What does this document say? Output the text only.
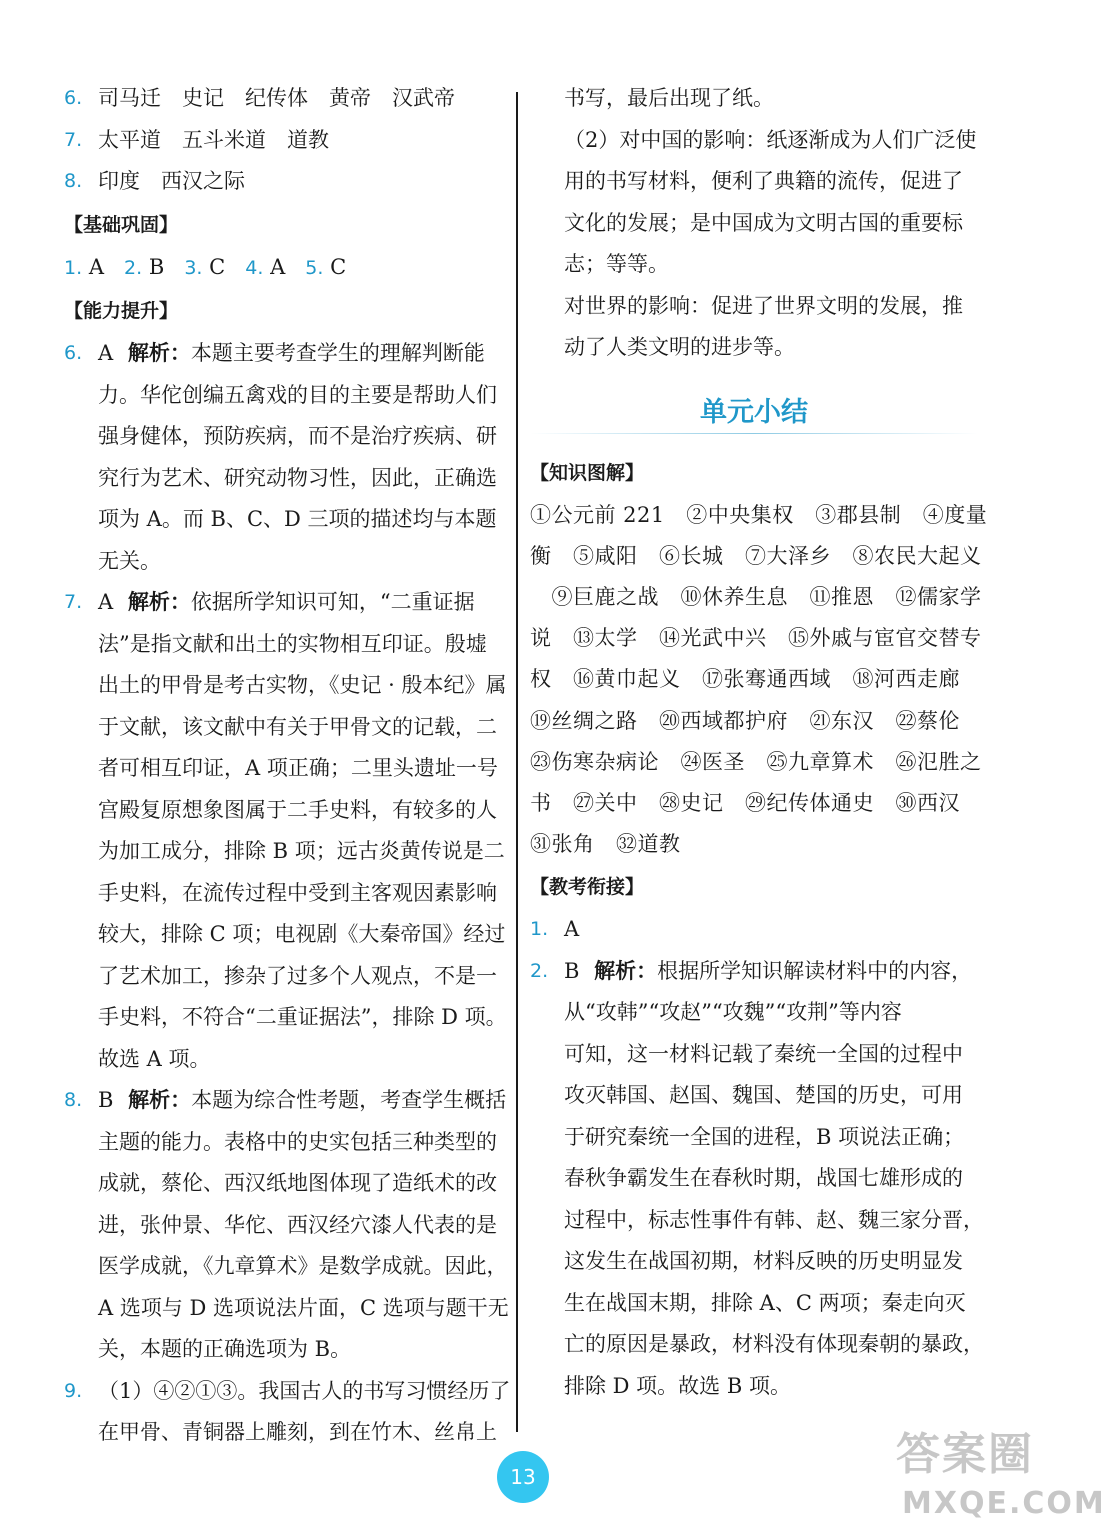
6. 司马迁　史记　纪传体　黄帝　汉武帝
7. 太平道　五斗米道　道教
8. 印度　西汉之际
【 基础巩固 】
1. A 2. B 3. C 4. A 5. C
【 能力提升 】
6. A 解析：本题主要考查学生的理解判断能
力。华佗创编五禽戏的目的主要是帮助人们
强身健体，预防疾病，而不是治疗疾病、研
究行为艺术、研究动物习性，因此，正确选
项为 A。而 B、C、D 三项的描述均与本题
无关。
7. A 解析：依据所学知识可知，“二重证据
法”是指文献和出土的实物相互印证。殷墟
出土的甲骨是考古实物，《史记 · 殷本纪》属
于文献，该文献中有关于甲骨文的记载，二
者可相互印证，A 项正确；二里头遗址一号
宫殿复原想象图属于二手史料，有较多的人
为加工成分，排除 B 项；远古炎黄传说是二
手史料，在流传过程中受到主客观因素影响
较大，排除 C 项；电视剧《大秦帝国》经过
了艺术加工，掺杂了过多个人观点，不是一
手史料，不符合“二重证据法”，排除 D 项。
故选 A 项。
8. B 解析：本题为综合性考题，考查学生概括
主题的能力。表格中的史实包括三种类型的
成就，蔡伦、西汉纸地图体现了造纸术的改
进，张仲景、华佗、西汉经穴漆人代表的是
医学成就，《九章算术》是数学成就。因此，
A 选项与 D 选项说法片面，C 选项与题干无
关，本题的正确选项为 B。
9. （1）④②①③。我国古人的书写习惯经历了
在甲骨、青铜器上雕刻，到在竹木、丝帛上
书写，最后出现了纸。
（2）对中国的影响：纸逐渐成为人们广泛使
用的书写材料，便利了典籍的流传，促进了
文化的发展；是中国成为文明古国的重要标
志；等等。
对世界的影响：促进了世界文明的发展，推
动了人类文明的进步等。
单元小结
【 知识图解 】
①公元前 221　②中央集权　③郡县制　④度量
衡　⑤咸阳　⑥长城　⑦大泽乡　⑧农民大起义
　⑨巨鹿之战　⑩休养生息　⑪推恩　⑫儒家学
说　⑬太学　⑭光武中兴　⑮外戚与宦官交替专
权　⑯黄巾起义　⑰张骞通西域　⑱河西走廊
⑲丝绸之路　⑳西域都护府　㉑东汉　㉒蔡伦
㉓伤寒杂病论　㉔医圣　㉕九章算术　㉖氾胜之
书　㉗关中　㉘史记　㉙纪传体通史　㉚西汉
㉛张角　㉜道教
【 教考衔接 】
1. A
2. B 解析：根据所学知识解读材料中的内容，
从“攻韩”“攻赵”“攻魏”“攻荆”等内容
可知，这一材料记载了秦统一全国的过程中
攻灭韩国、赵国、魏国、楚国的历史，可用
于研究秦统一全国的进程，B 项说法正确；
春秋争霸发生在春秋时期，战国七雄形成的
过程中，标志性事件有韩、赵、魏三家分晋，
这发生在战国初期，材料反映的历史明显发
生在战国末期，排除 A、C 两项；秦走向灭
亡的原因是暴政，材料没有体现秦朝的暴政，
排除 D 项。故选 B 项。
13	答案圈
MXQE.COM
